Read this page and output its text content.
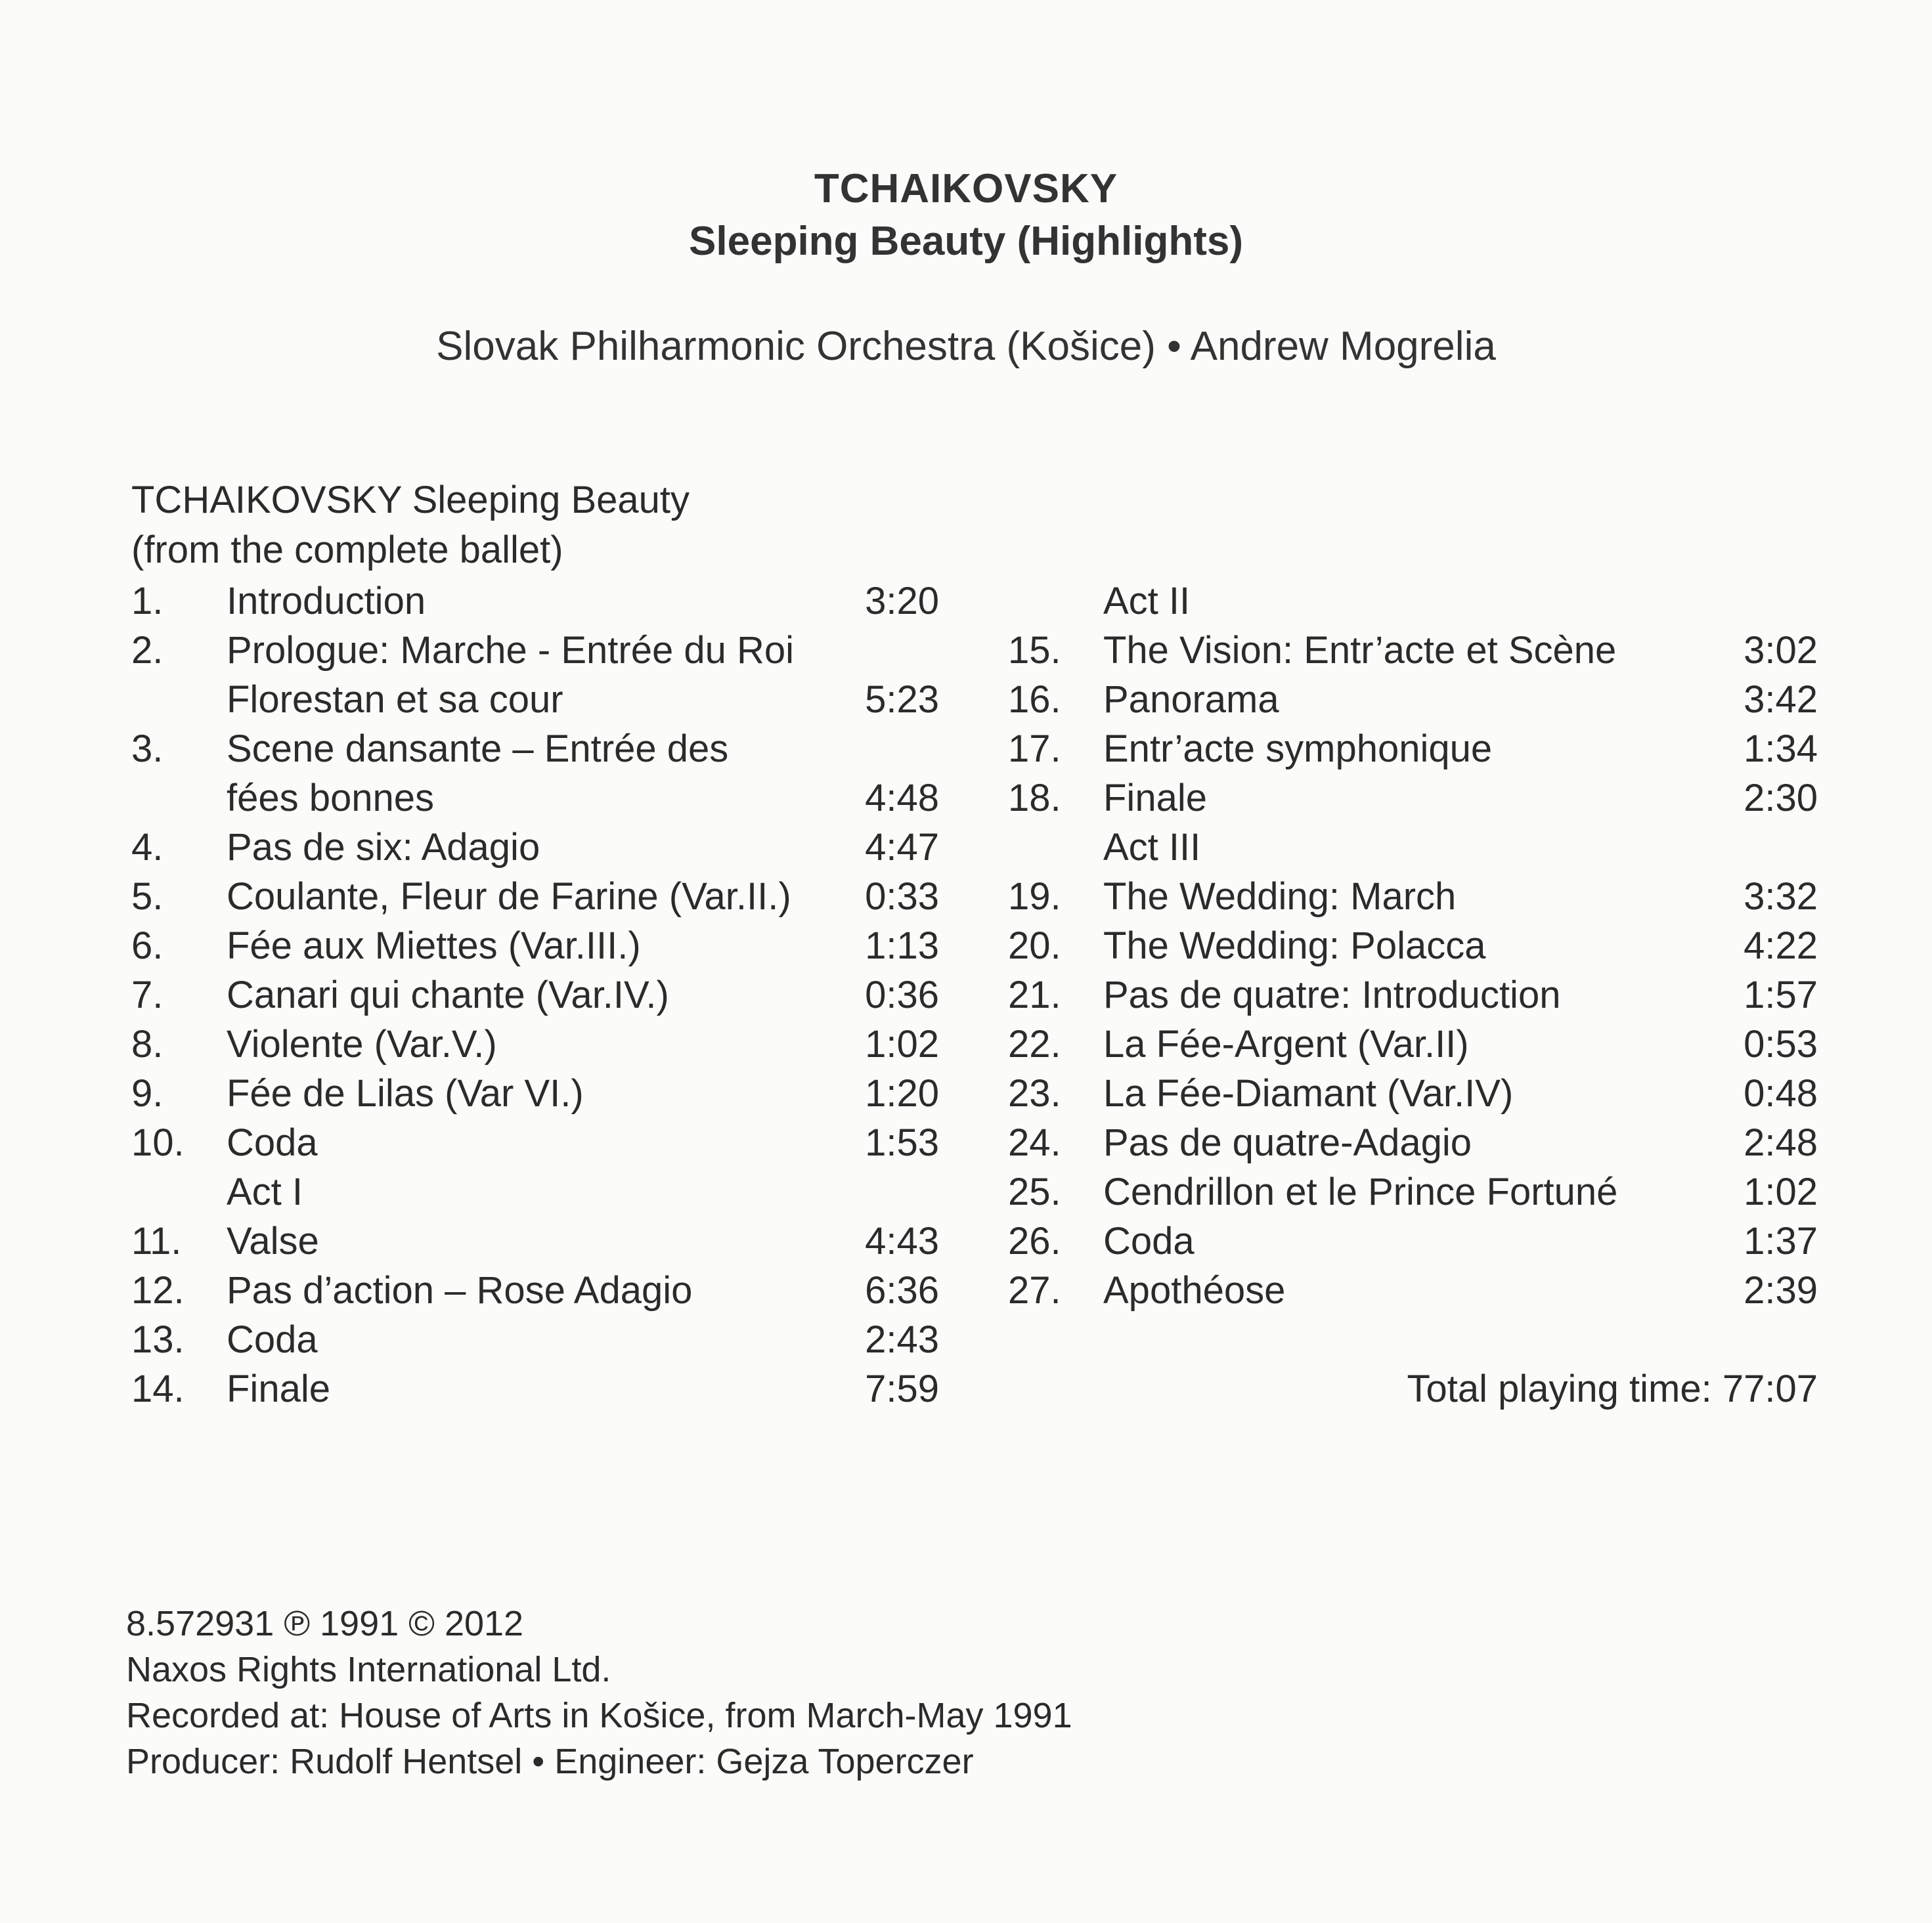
TCHAIKOVSKY
Sleeping Beauty (Highlights)
Slovak Philharmonic Orchestra (Košice) • Andrew Mogrelia
TCHAIKOVSKY Sleeping Beauty
(from the complete ballet)
1. Introduction	3:20
2. Prologue: Marche - Entrée du Roi
Florestan et sa cour	5:23
3. Scene dansante – Entrée des
fées bonnes	4:48
4. Pas de six: Adagio	4:47
5. Coulante, Fleur de Farine (Var.II.) 0:33
6. Fée aux Miettes (Var.III.)	1:13
7. Canari qui chante (Var.IV.)	0:36
8. Violente (Var.V.)	1:02
9. Fée de Lilas (Var VI.)	1:20
10. Coda	1:53
Act I
11. Valse	4:43
12. Pas d’action – Rose Adagio	6:36
13. Coda	2:43
14. Finale	7:59
Act II
15. The Vision: Entr’acte et Scène	3:02
16. Panorama	3:42
17. Entr’acte symphonique	1:34
18. Finale	2:30
Act III
19. The Wedding: March	3:32
20. The Wedding: Polacca	4:22
21. Pas de quatre: Introduction	1:57
22. La Fée-Argent (Var.II)	0:53
23. La Fée-Diamant (Var.IV)	0:48
24. Pas de quatre-Adagio	2:48
25. Cendrillon et le Prince Fortuné	1:02
26. Coda	1:37
27. Apothéose	2:39
Total playing time: 77:07
8.572931 ℗ 1991 © 2012
Naxos Rights International Ltd.
Recorded at: House of Arts in Košice, from March-May 1991
Producer: Rudolf Hentsel • Engineer: Gejza Toperczer
